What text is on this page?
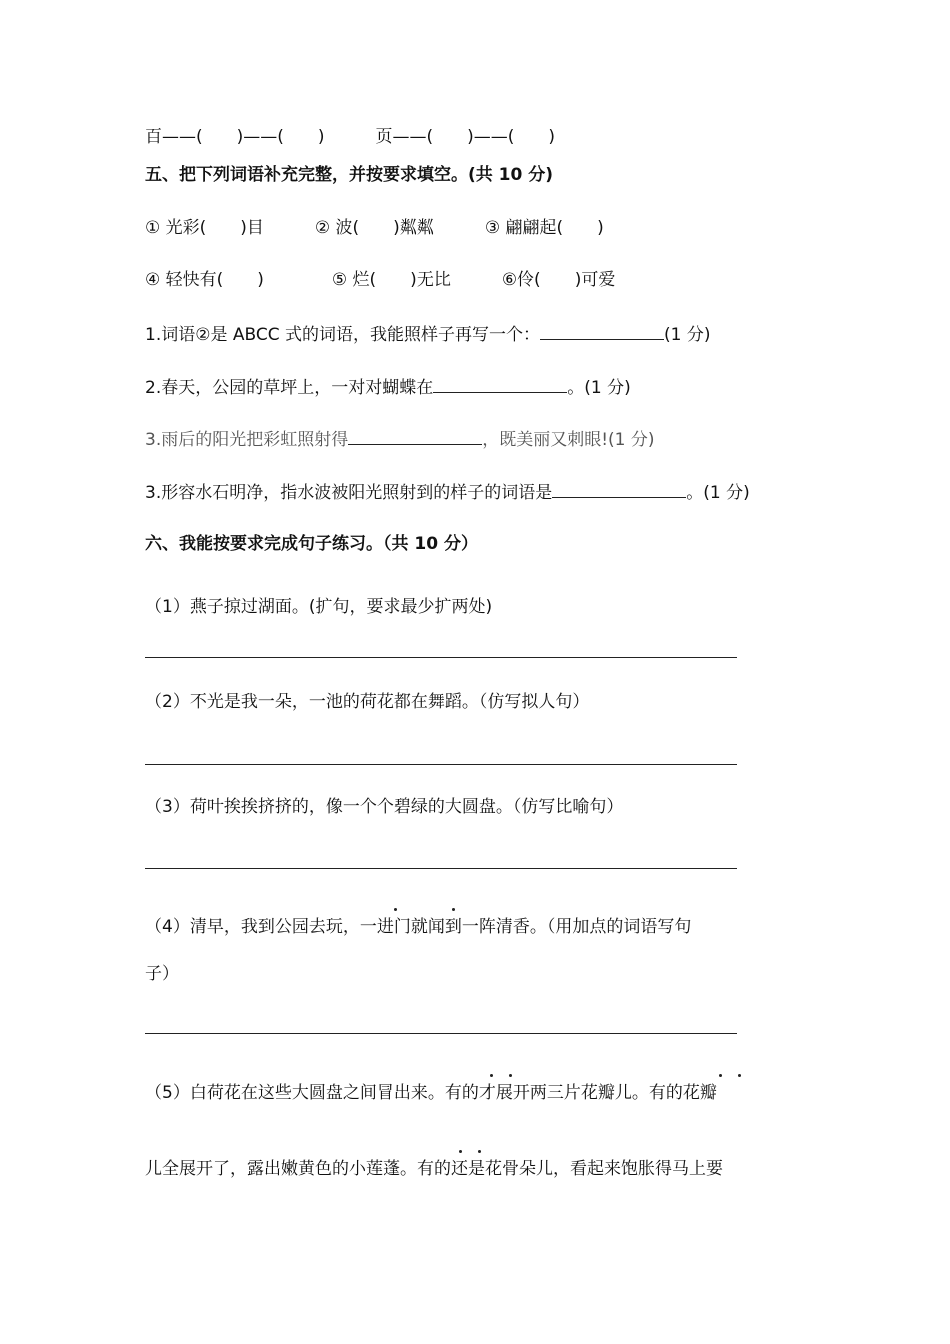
百——(　　)——(　　)　　　页——(　　)——(　　)
五、把下列词语补充完整，并按要求填空。(共 10 分)
① 光彩(　　)目　　　② 波(　　)粼粼　　　③ 翩翩起(　　)
④ 轻快有(　　)　　　　⑤ 烂(　　)无比　　　⑥伶(　　)可爱
1.词语②是 ABCC 式的词语，我能照样子再写一个：	(1 分)
2.春天，公园的草坪上，一对对蝴蝶在	。(1 分)
3.雨后的阳光把彩虹照射得	，既美丽又刺眼!(1 分)
3.形容水石明净，指水波被阳光照射到的样子的词语是	。(1 分)
六、我能按要求完成句子练习。（共 10 分）
（1）燕子掠过湖面。(扩句，要求最少扩两处)
（2）不光是我一朵，一池的荷花都在舞蹈。（仿写拟人句）
（3）荷叶挨挨挤挤的，像一个个碧绿的大圆盘。（仿写比喻句）
（4）清早，我到公园去玩，一进门就闻到一阵清香。（用加点的词语写句
子）
（5）白荷花在这些大圆盘之间冒出来。有的才展开两三片花瓣儿。有的花瓣
儿全展开了，露出嫩黄色的小莲蓬。有的还是花骨朵儿，看起来饱胀得马上要
